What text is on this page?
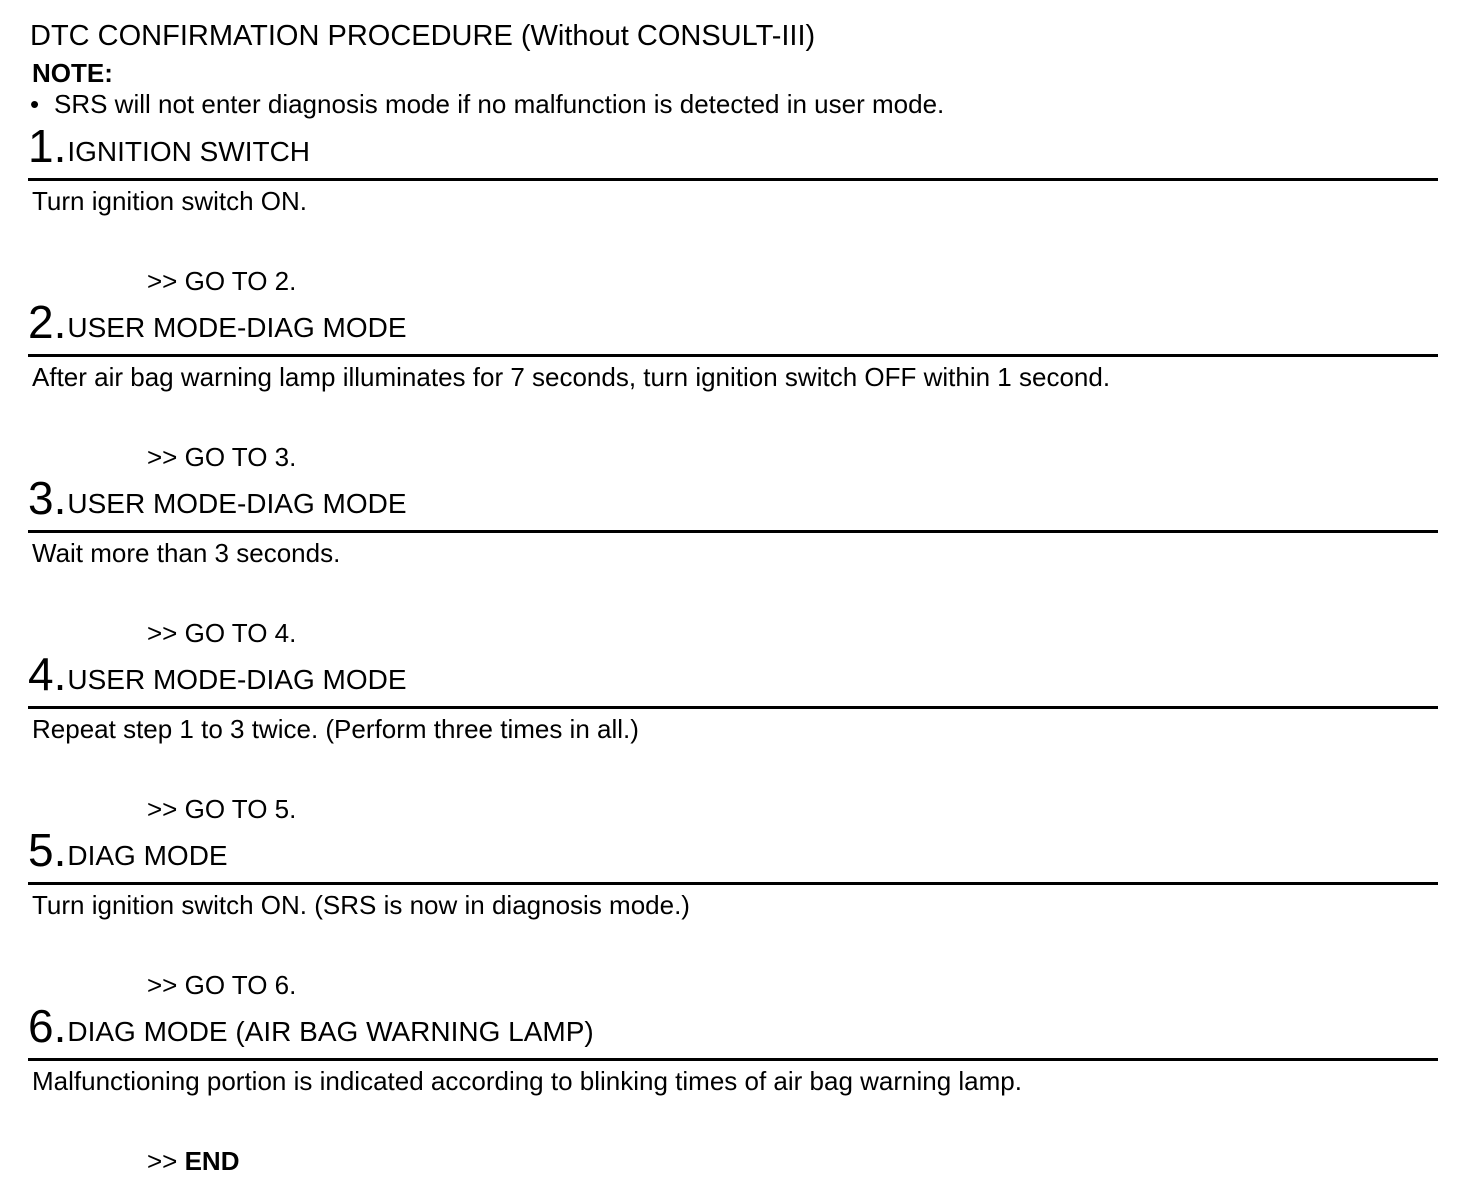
DTC CONFIRMATION PROCEDURE (Without CONSULT-III)
NOTE:
• SRS will not enter diagnosis mode if no malfunction is detected in user mode.
1.IGNITION SWITCH
Turn ignition switch ON.
>> GO TO 2.
2.USER MODE-DIAG MODE
After air bag warning lamp illuminates for 7 seconds, turn ignition switch OFF within 1 second.
>> GO TO 3.
3.USER MODE-DIAG MODE
Wait more than 3 seconds.
>> GO TO 4.
4.USER MODE-DIAG MODE
Repeat step 1 to 3 twice. (Perform three times in all.)
>> GO TO 5.
5.DIAG MODE
Turn ignition switch ON. (SRS is now in diagnosis mode.)
>> GO TO 6.
6.DIAG MODE (AIR BAG WARNING LAMP)
Malfunctioning portion is indicated according to blinking times of air bag warning lamp.
>> END
